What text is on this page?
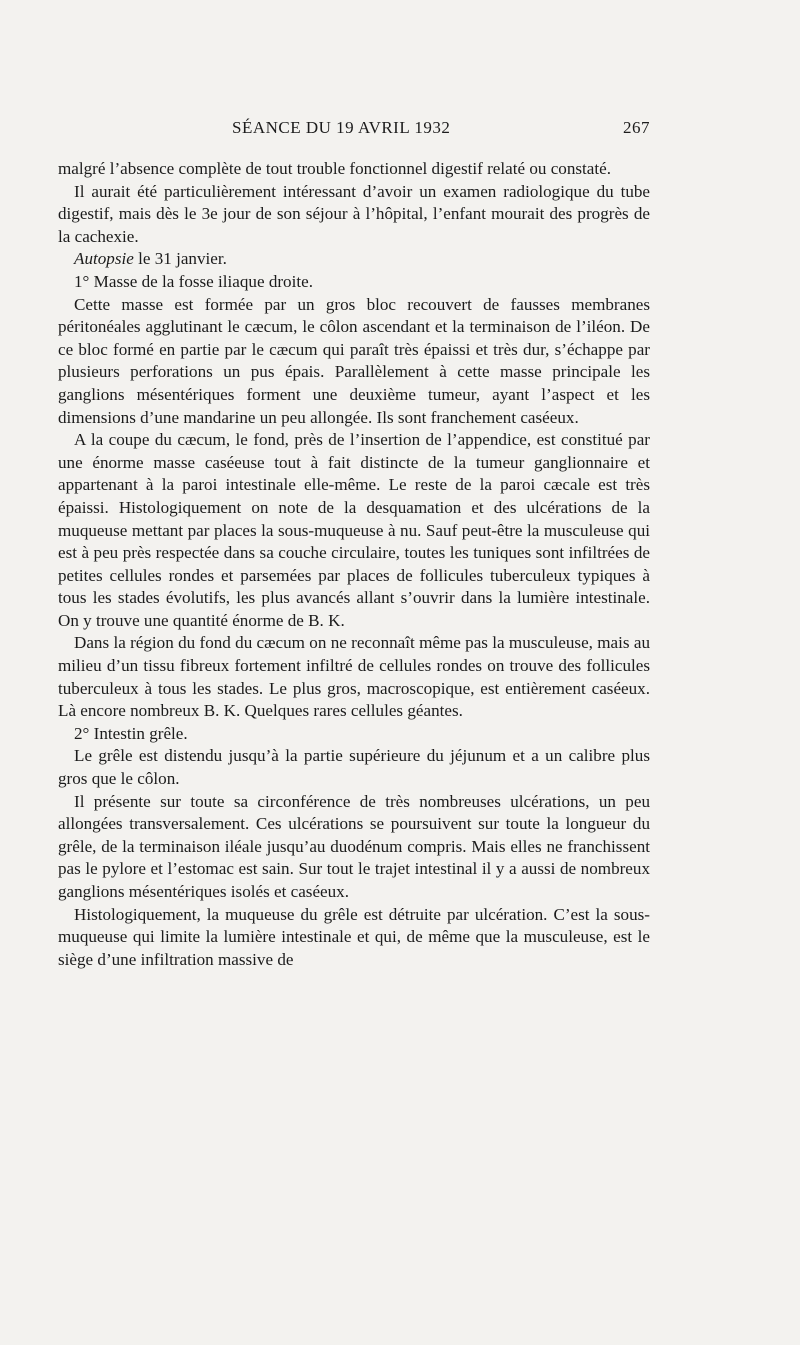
SÉANCE DU 19 AVRIL 1932	267

malgré l’absence complète de tout trouble fonctionnel digestif relaté ou constaté.

Il aurait été particulièrement intéressant d’avoir un examen radiologique du tube digestif, mais dès le 3e jour de son séjour à l’hôpital, l’enfant mourait des progrès de la cachexie.

Autopsie le 31 janvier.

1° Masse de la fosse iliaque droite.

Cette masse est formée par un gros bloc recouvert de fausses membranes péritonéales agglutinant le cæcum, le côlon ascendant et la terminaison de l’iléon. De ce bloc formé en partie par le cæcum qui paraît très épaissi et très dur, s’échappe par plusieurs perforations un pus épais. Parallèlement à cette masse principale les ganglions mésentériques forment une deuxième tumeur, ayant l’aspect et les dimensions d’une mandarine un peu allongée. Ils sont franchement caséeux.

A la coupe du cæcum, le fond, près de l’insertion de l’appendice, est constitué par une énorme masse caséeuse tout à fait distincte de la tumeur ganglionnaire et appartenant à la paroi intestinale elle-même. Le reste de la paroi cæcale est très épaissi. Histologiquement on note de la desquamation et des ulcérations de la muqueuse mettant par places la sous-muqueuse à nu. Sauf peut-être la musculeuse qui est à peu près respectée dans sa couche circulaire, toutes les tuniques sont infiltrées de petites cellules rondes et parsemées par places de follicules tuberculeux typiques à tous les stades évolutifs, les plus avancés allant s’ouvrir dans la lumière intestinale. On y trouve une quantité énorme de B. K.

Dans la région du fond du cæcum on ne reconnaît même pas la musculeuse, mais au milieu d’un tissu fibreux fortement infiltré de cellules rondes on trouve des follicules tuberculeux à tous les stades. Le plus gros, macroscopique, est entièrement caséeux. Là encore nombreux B. K. Quelques rares cellules géantes.

2° Intestin grêle.

Le grêle est distendu jusqu’à la partie supérieure du jéjunum et a un calibre plus gros que le côlon.

Il présente sur toute sa circonférence de très nombreuses ulcérations, un peu allongées transversalement. Ces ulcérations se poursuivent sur toute la longueur du grêle, de la terminaison iléale jusqu’au duodénum compris. Mais elles ne franchissent pas le pylore et l’estomac est sain. Sur tout le trajet intestinal il y a aussi de nombreux ganglions mésentériques isolés et caséeux.

Histologiquement, la muqueuse du grêle est détruite par ulcération. C’est la sous-muqueuse qui limite la lumière intestinale et qui, de même que la musculeuse, est le siège d’une infiltration massive de
